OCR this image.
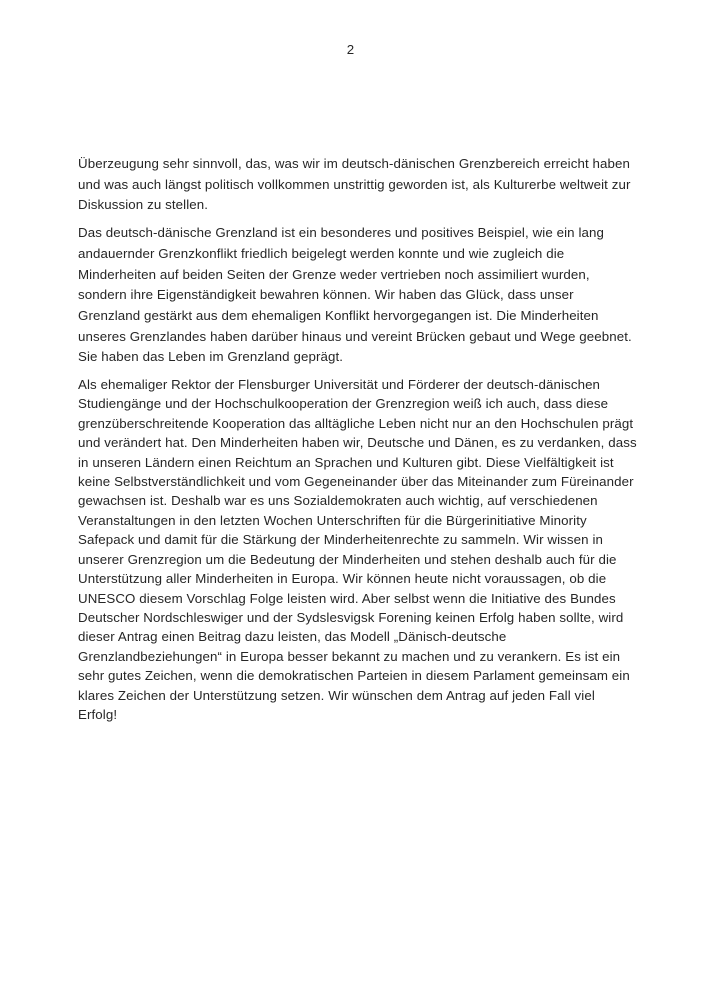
2

Überzeugung sehr sinnvoll, das, was wir im deutsch-dänischen Grenzbereich erreicht haben und was auch längst politisch vollkommen unstrittig geworden ist, als Kulturerbe weltweit zur Diskussion zu stellen.

Das deutsch-dänische Grenzland ist ein besonderes und positives Beispiel, wie ein lang andauernder Grenzkonflikt friedlich beigelegt werden konnte und wie zugleich die Minderheiten auf beiden Seiten der Grenze weder vertrieben noch assimiliert wurden, sondern ihre Eigenständigkeit bewahren können. Wir haben das Glück, dass unser Grenzland gestärkt aus dem ehemaligen Konflikt hervorgegangen ist. Die Minderheiten unseres Grenzlandes haben darüber hinaus und vereint Brücken gebaut und Wege geebnet. Sie haben das Leben im Grenzland geprägt.

Als ehemaliger Rektor der Flensburger Universität und Förderer der deutsch-dänischen Studiengänge und der Hochschulkooperation der Grenzregion weiß ich auch, dass diese grenzüberschreitende Kooperation das alltägliche Leben nicht nur an den Hochschulen prägt und verändert hat. Den Minderheiten haben wir, Deutsche und Dänen, es zu verdanken, dass in unseren Ländern einen Reichtum an Sprachen und Kulturen gibt. Diese Vielfältigkeit ist keine Selbstverständlichkeit und vom Gegeneinander über das Miteinander zum Füreinander gewachsen ist. Deshalb war es uns Sozialdemokraten auch wichtig, auf verschiedenen Veranstaltungen in den letzten Wochen Unterschriften für die Bürgerinitiative Minority Safepack und damit für die Stärkung der Minderheitenrechte zu sammeln. Wir wissen in unserer Grenzregion um die Bedeutung der Minderheiten und stehen deshalb auch für die Unterstützung aller Minderheiten in Europa. Wir können heute nicht voraussagen, ob die UNESCO diesem Vorschlag Folge leisten wird. Aber selbst wenn die Initiative des Bundes Deutscher Nordschleswiger und der Sydslesvigsk Forening keinen Erfolg haben sollte, wird dieser Antrag einen Beitrag dazu leisten, das Modell „Dänisch-deutsche Grenzlandbeziehungen“ in Europa besser bekannt zu machen und zu verankern. Es ist ein sehr gutes Zeichen, wenn die demokratischen Parteien in diesem Parlament gemeinsam ein klares Zeichen der Unterstützung setzen. Wir wünschen dem Antrag auf jeden Fall viel Erfolg!
